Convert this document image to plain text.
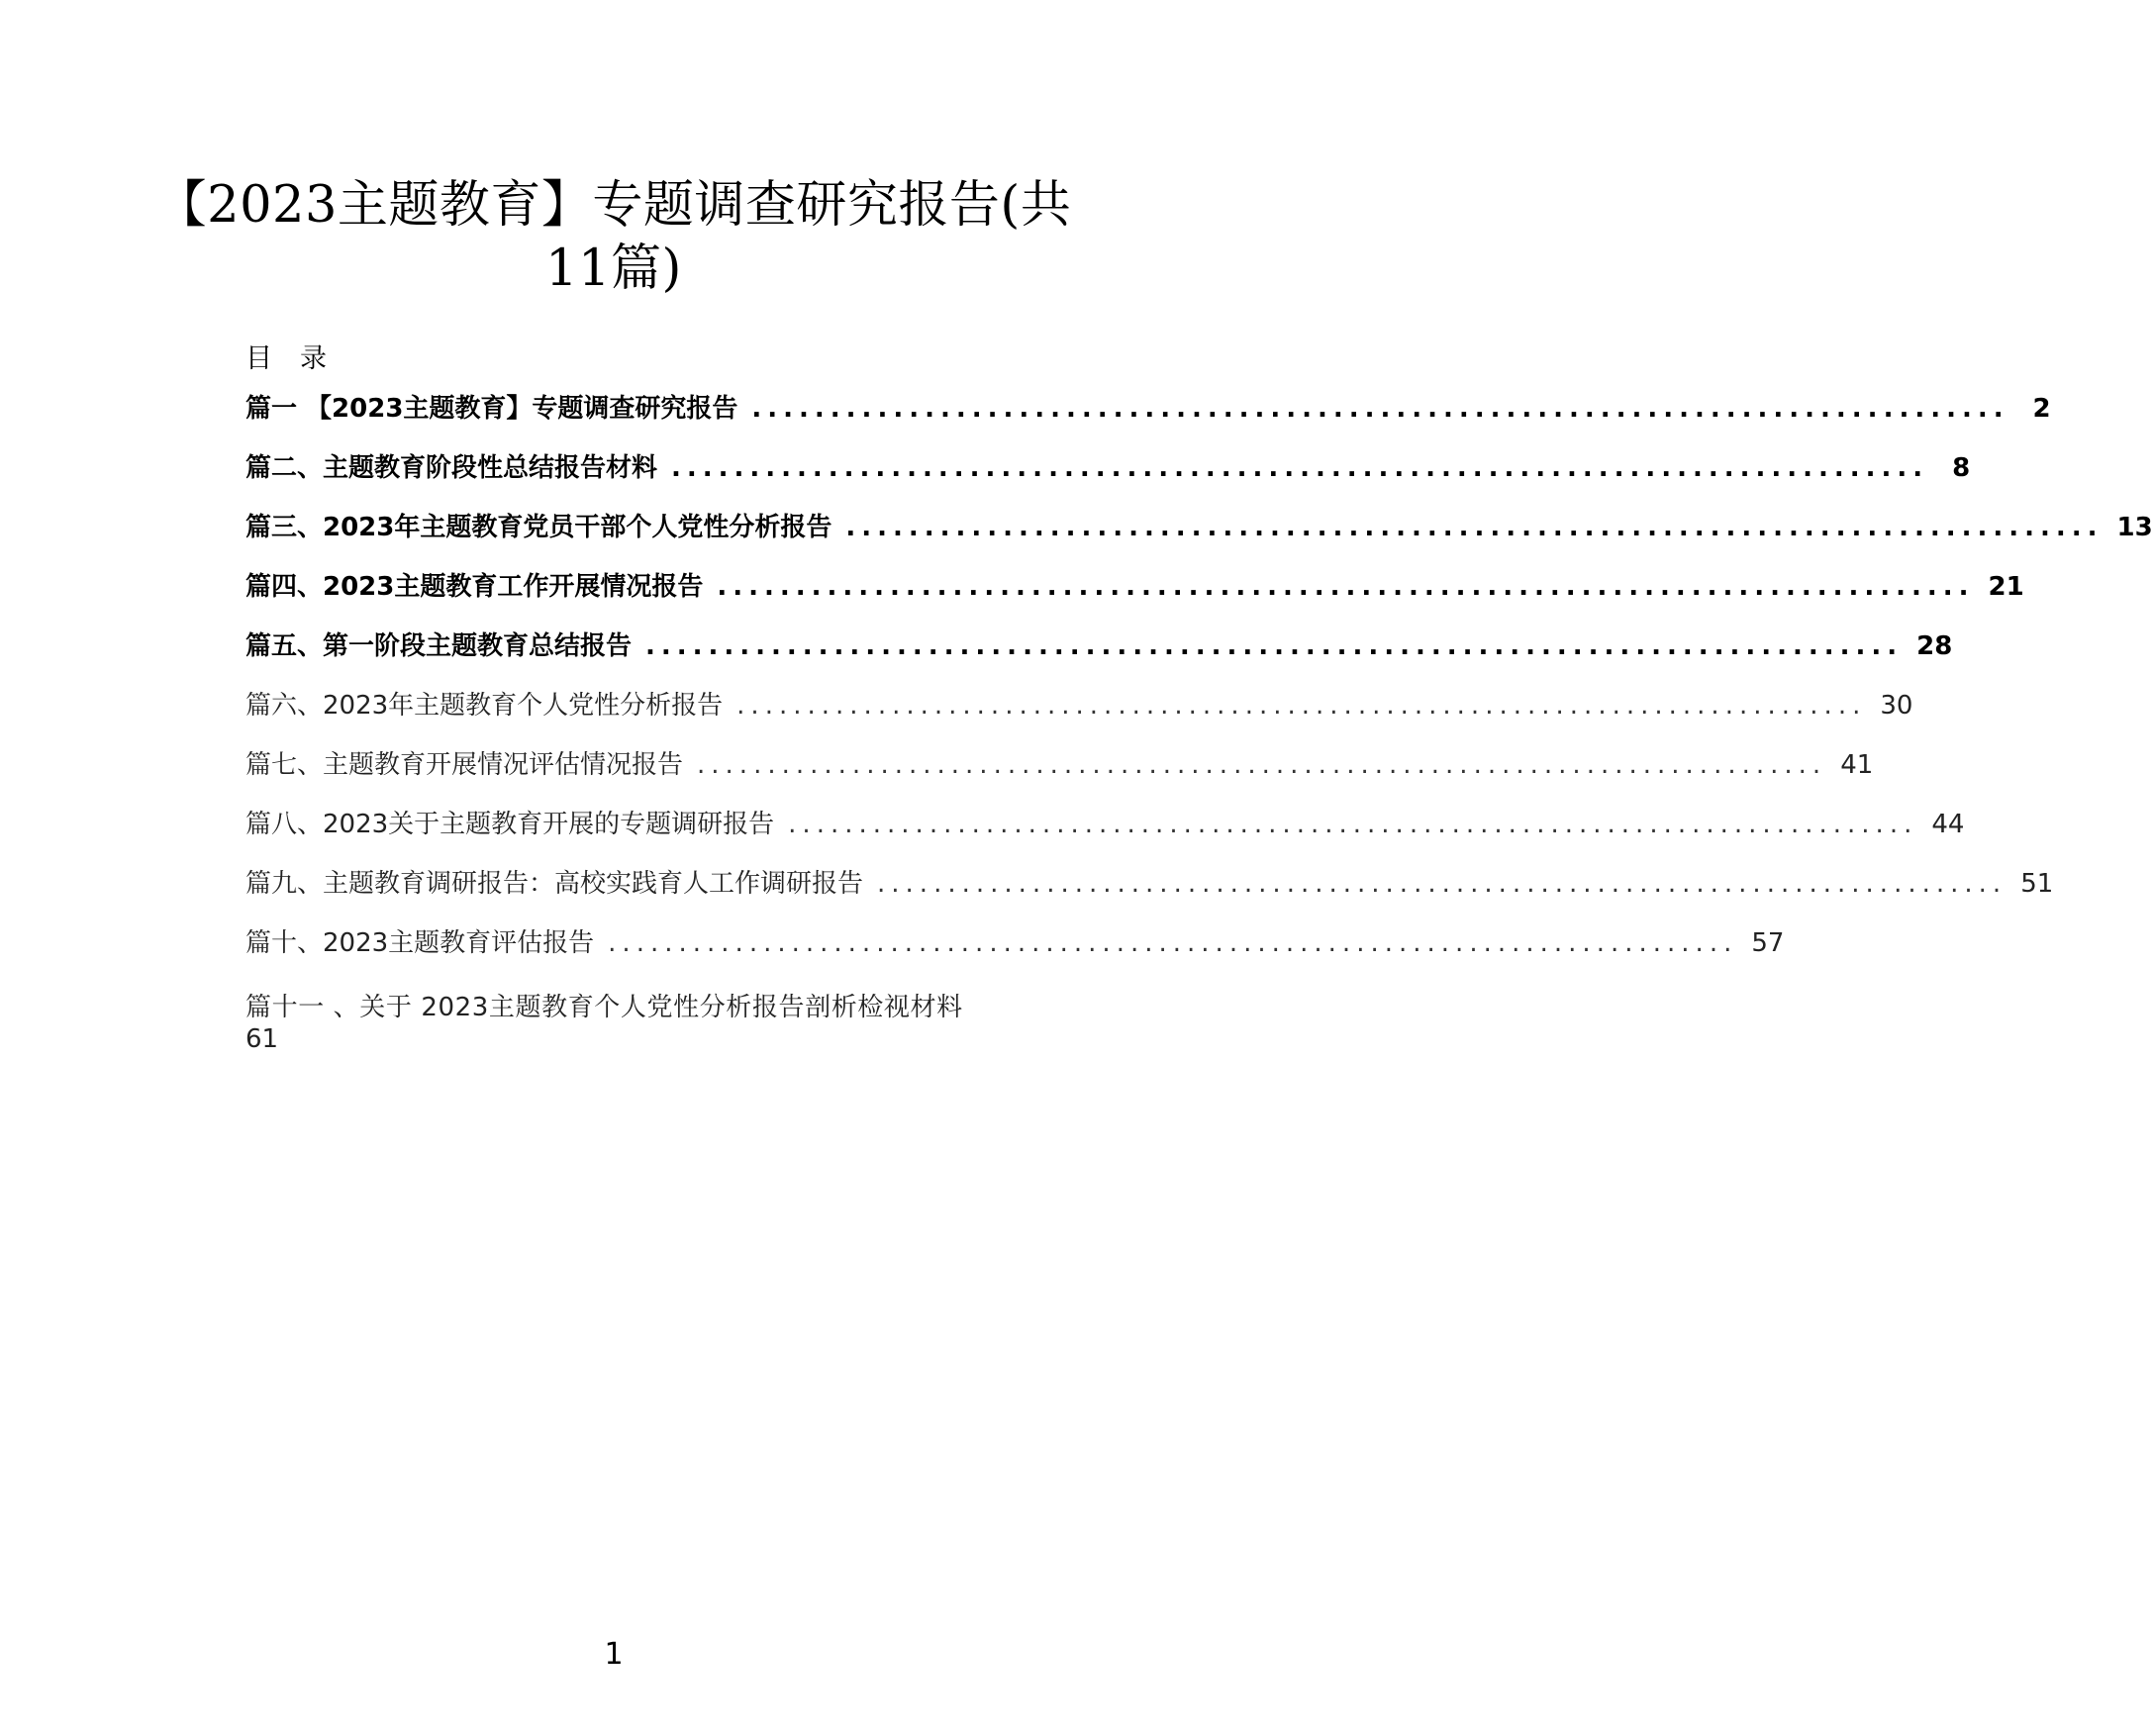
【2023主题教育】专题调查研究报告(共
11篇)
目录
篇一 【2023主题教育】专题调查研究报告 ................................................................................ 2
篇二、主题教育阶段性总结报告材料 ................................................................................ 8
篇三、2023年主题教育党员干部个人党性分析报告 ................................................................................ 13
篇四、2023主题教育工作开展情况报告 ................................................................................ 21
篇五、第一阶段主题教育总结报告 ................................................................................ 28
篇六、2023年主题教育个人党性分析报告 ................................................................................ 30
篇七、主题教育开展情况评估情况报告 ................................................................................ 41
篇八、2023关于主题教育开展的专题调研报告 ................................................................................ 44
篇九、主题教育调研报告：高校实践育人工作调研报告 ................................................................................ 51
篇十、2023主题教育评估报告 ................................................................................ 57
篇十一 、关于 2023主题教育个人党性分析报告剖析检视材料
61
1
